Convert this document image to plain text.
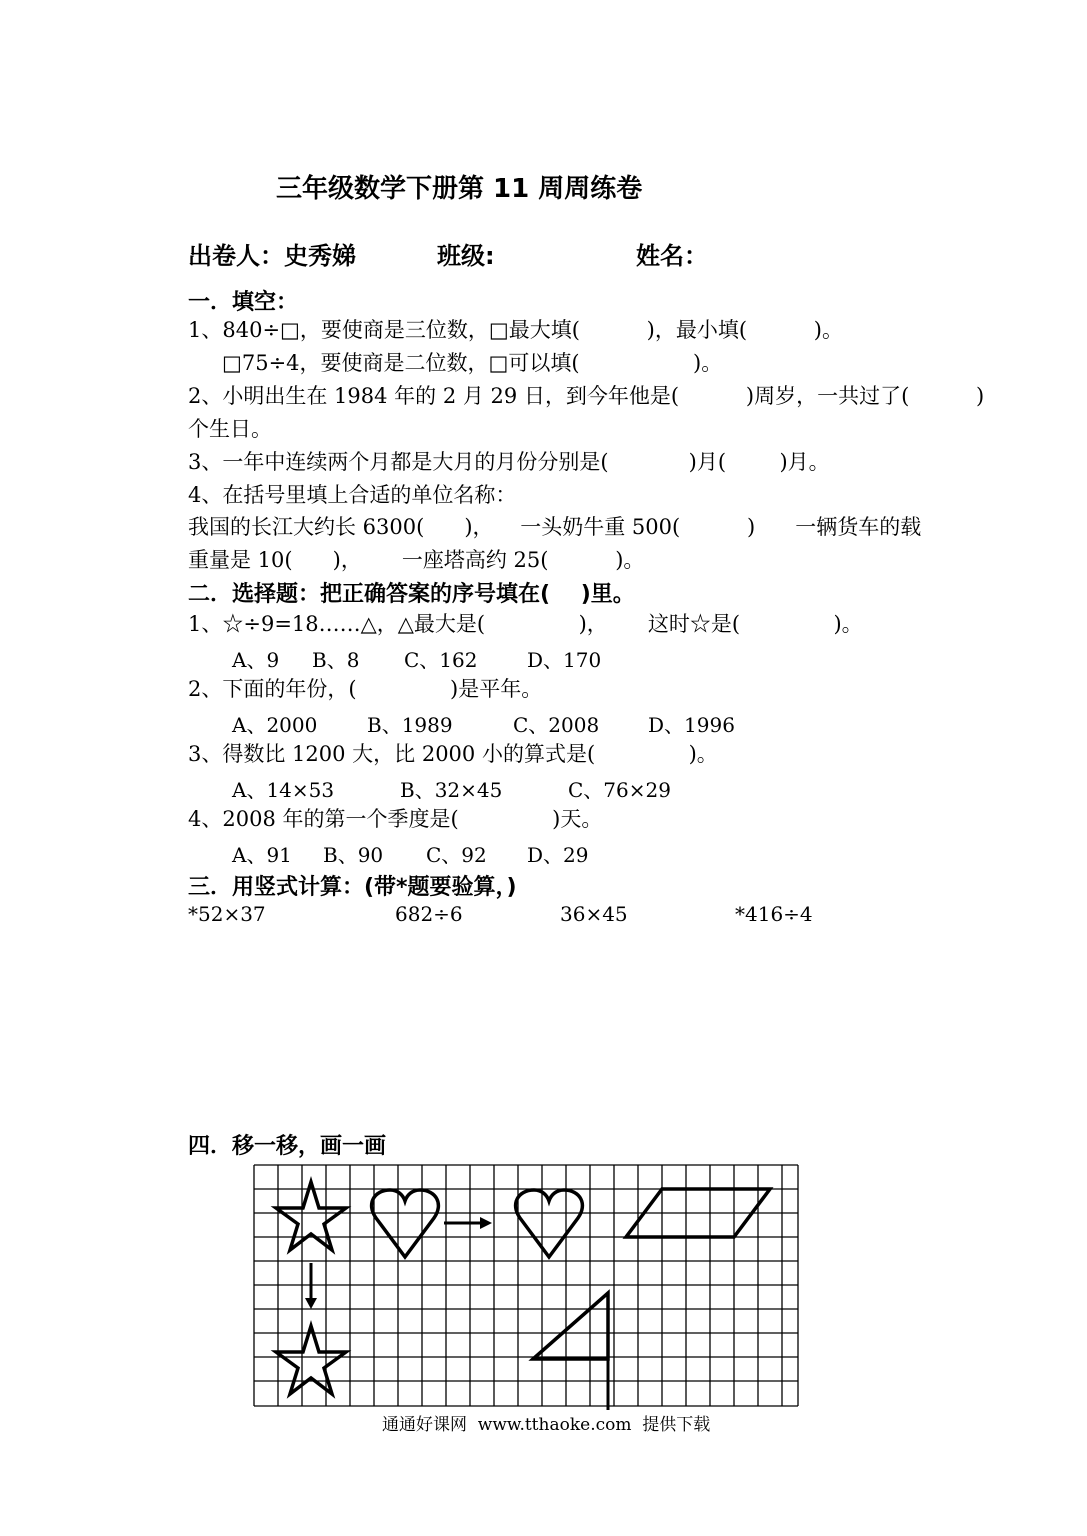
三年级数学下册第 11 周周练卷
出卷人：史秀娣	班级:	姓名：
一．填空：
1、840÷□，要使商是三位数，□最大填(          )，最小填(          )。
□75÷4，要使商是二位数，□可以填(                 )。
2、小明出生在 1984 年的 2 月 29 日，到今年他是(          )周岁，一共过了(          )
个生日。
3、一年中连续两个月都是大月的月份分别是(            )月(        )月。
4、在括号里填上合适的单位名称：
我国的长江大约长 6300(      )，    一头奶牛重 500(          )      一辆货车的载
重量是 10(      )，      一座塔高约 25(          )。
二．选择题：把正确答案的序号填在(    )里。
1、☆÷9=18……△，△最大是(              )，      这时☆是(              )。
A、9 B、8 C、162 D、170
2、下面的年份，(              )是平年。
A、2000 B、1989	C、2008 D、1996
3、得数比 1200 大，比 2000 小的算式是(              )。
A、14×53	B、32×45	C、76×29
4、2008 年的第一个季度是(              )天。
A、91 B、90 C、92 D、29
三．用竖式计算：(带*题要验算，)
*52×37	682÷6	36×45	*416÷4
四．移一移，画一画
通通好课网  www.tthaoke.com  提供下载
